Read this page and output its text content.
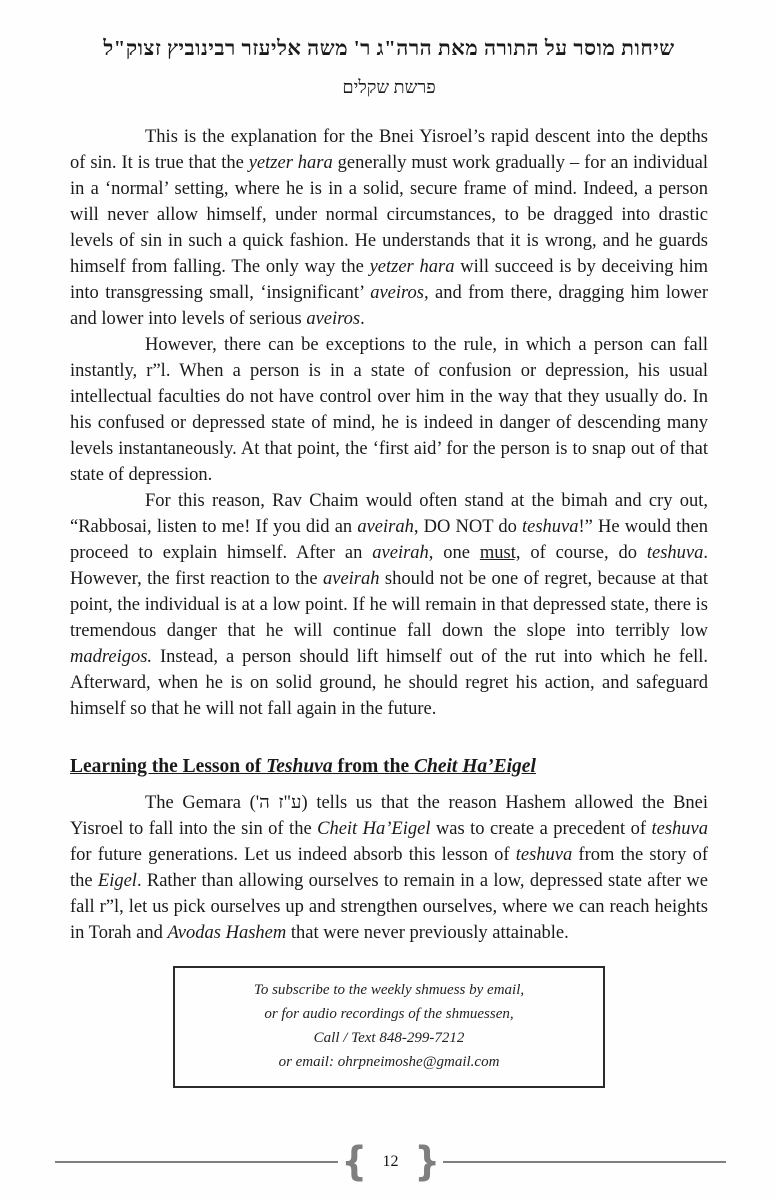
שיחות מוסר על התורה מאת הרה"ג ר' משה אליעזר רבינוביץ זצוק"ל
פרשת שקלים

This is the explanation for the Bnei Yisroel’s rapid descent into the depths of sin. It is true that the yetzer hara generally must work gradually – for an individual in a ‘normal’ setting, where he is in a solid, secure frame of mind. Indeed, a person will never allow himself, under normal circumstances, to be dragged into drastic levels of sin in such a quick fashion. He understands that it is wrong, and he guards himself from falling. The only way the yetzer hara will succeed is by deceiving him into transgressing small, ‘insignificant’ aveiros, and from there, dragging him lower and lower into levels of serious aveiros.

However, there can be exceptions to the rule, in which a person can fall instantly, r”l. When a person is in a state of confusion or depression, his usual intellectual faculties do not have control over him in the way that they usually do. In his confused or depressed state of mind, he is indeed in danger of descending many levels instantaneously. At that point, the ‘first aid’ for the person is to snap out of that state of depression.

For this reason, Rav Chaim would often stand at the bimah and cry out, “Rabbosai, listen to me! If you did an aveirah, DO NOT do teshuva!” He would then proceed to explain himself. After an aveirah, one must, of course, do teshuva. However, the first reaction to the aveirah should not be one of regret, because at that point, the individual is at a low point. If he will remain in that depressed state, there is tremendous danger that he will continue fall down the slope into terribly low madreigos. Instead, a person should lift himself out of the rut into which he fell. Afterward, when he is on solid ground, he should regret his action, and safeguard himself so that he will not fall again in the future.

Learning the Lesson of Teshuva from the Cheit Ha’Eigel

The Gemara (ע"ז ה') tells us that the reason Hashem allowed the Bnei Yisroel to fall into the sin of the Cheit Ha’Eigel was to create a precedent of teshuva for future generations. Let us indeed absorb this lesson of teshuva from the story of the Eigel. Rather than allowing ourselves to remain in a low, depressed state after we fall r”l, let us pick ourselves up and strengthen ourselves, where we can reach heights in Torah and Avodas Hashem that were never previously attainable.

To subscribe to the weekly shmuess by email,
or for audio recordings of the shmuessen,
Call / Text 848-299-7212
or email: ohrpneimoshe@gmail.com
{ 12 }
